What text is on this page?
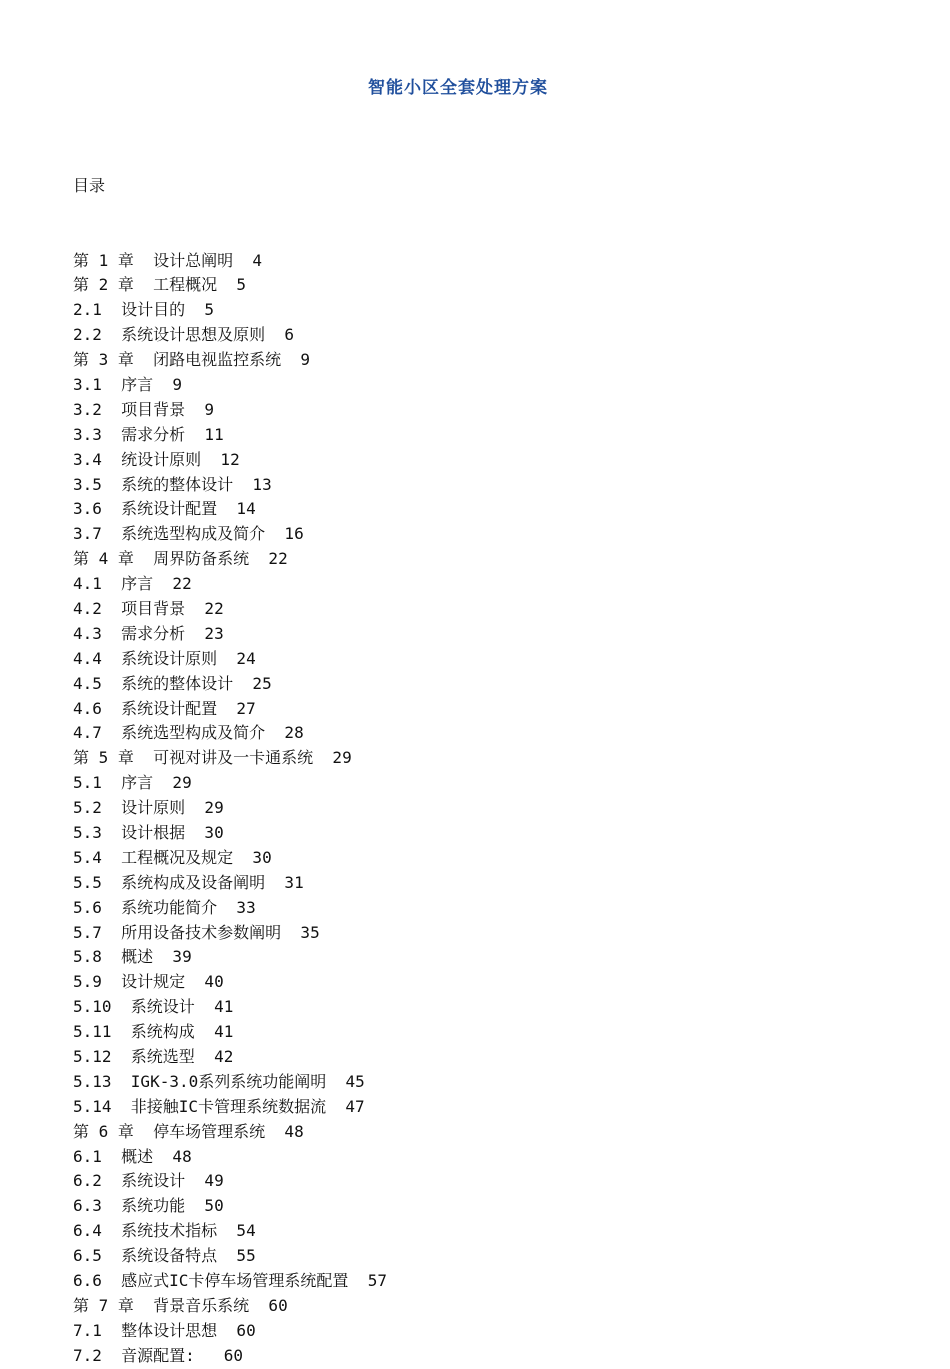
智能小区全套处理方案

目录

第 1 章  设计总阐明  4
第 2 章  工程概况  5
2.1  设计目的  5
2.2  系统设计思想及原则  6
第 3 章  闭路电视监控系统  9
3.1  序言  9
3.2  项目背景  9
3.3  需求分析  11
3.4  统设计原则  12
3.5  系统的整体设计  13
3.6  系统设计配置  14
3.7  系统选型构成及简介  16
第 4 章  周界防备系统  22
4.1  序言  22
4.2  项目背景  22
4.3  需求分析  23
4.4  系统设计原则  24
4.5  系统的整体设计  25
4.6  系统设计配置  27
4.7  系统选型构成及简介  28
第 5 章  可视对讲及一卡通系统  29
5.1  序言  29
5.2  设计原则  29
5.3  设计根据  30
5.4  工程概况及规定  30
5.5  系统构成及设备阐明  31
5.6  系统功能简介  33
5.7  所用设备技术参数阐明  35
5.8  概述  39
5.9  设计规定  40
5.10  系统设计  41
5.11  系统构成  41
5.12  系统选型  42
5.13  IGK-3.0系列系统功能阐明  45
5.14  非接触IC卡管理系统数据流  47
第 6 章  停车场管理系统  48
6.1  概述  48
6.2  系统设计  49
6.3  系统功能  50
6.4  系统技术指标  54
6.5  系统设备特点  55
6.6  感应式IC卡停车场管理系统配置  57
第 7 章  背景音乐系统  60
7.1  整体设计思想  60
7.2  音源配置:   60
